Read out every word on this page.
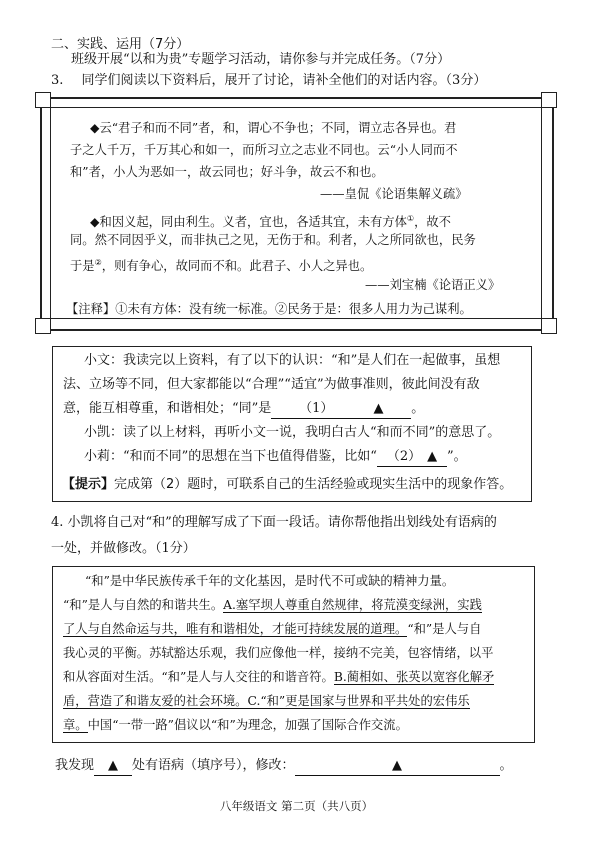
二、实践、运用（7分）
班级开展“以和为贵”专题学习活动，请你参与并完成任务。（7分）
3. 同学们阅读以下资料后，展开了讨论，请补全他们的对话内容。（3分）
◆云“君子和而不同”者，和，谓心不争也；不同，谓立志各异也。君
子之人千万，千万其心和如一，而所习立之志业不同也。云“小人同而不
和”者，小人为恶如一，故云同也；好斗争，故云不和也。
——皇侃《论语集解义疏》
◆和因义起，同由利生。义者，宜也，各适其宜，未有方体①，故不
同。然不同因乎义，而非执己之见，无伤于和。利者，人之所同欲也，民务
于是②，则有争心，故同而不和。此君子、小人之异也。
——刘宝楠《论语正义》
【注释】①未有方体：没有统一标准。②民务于是：很多人用力为己谋利。
小文：我读完以上资料，有了以下的认识：“和”是人们在一起做事，虽想
法、立场等不同，但大家都能以“合理”“适宜”为做事准则，彼此间没有敌
意，能互相尊重，和谐相处；“同”是 （1）	▲ 。
小凯：读了以上材料，再听小文一说，我明白古人“和而不同”的意思了。
小莉：“和而不同”的思想在当下也值得借鉴，比如“ （2） ▲ ”。
【提示】完成第（2）题时，可联系自己的生活经验或现实生活中的现象作答。
4. 小凯将自己对“和”的理解写成了下面一段话。请你帮他指出划线处有语病的
一处，并做修改。（1分）
“和”是中华民族传承千年的文化基因，是时代不可或缺的精神力量。
“和”是人与自然的和谐共生。A.塞罕坝人尊重自然规律，将荒漠变绿洲，实践
了人与自然命运与共，唯有和谐相处，才能可持续发展的道理。“和”是人与自
我心灵的平衡。苏轼豁达乐观，我们应像他一样，接纳不完美，包容情绪，以平
和从容面对生活。“和”是人与人交往的和谐音符。B.蔺相如、张英以宽容化解矛
盾，营造了和谐友爱的社会环境。C.“和”更是国家与世界和平共处的宏伟乐
章。中国“一带一路”倡议以“和”为理念，加强了国际合作交流。
我发现 ▲ 处有语病（填序号），修改：	▲	。
八年级语文 第二页（共八页）
